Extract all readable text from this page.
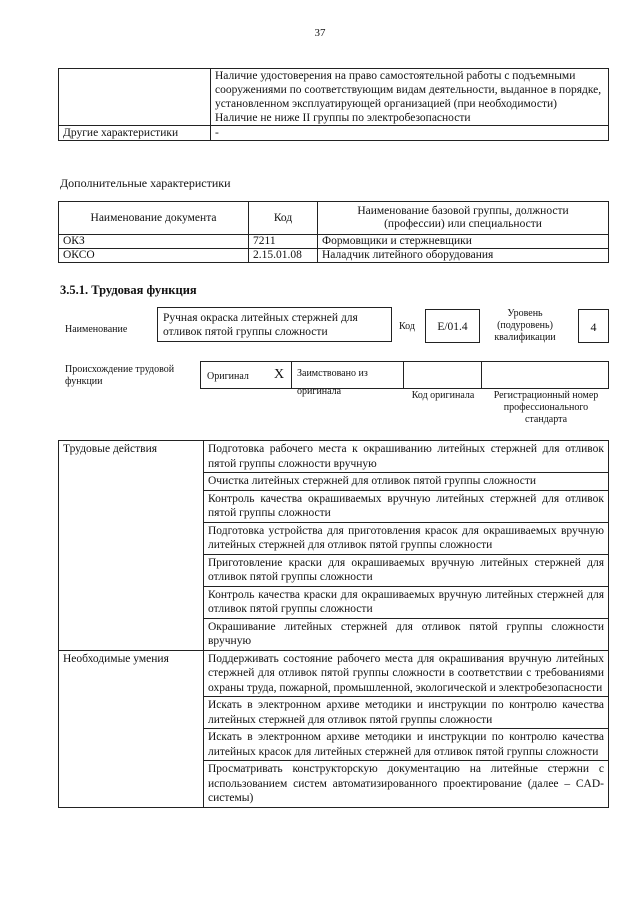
37
	Наличие удостоверения на право самостоятельной работы с подъемными сооружениями по соответствующим видам деятельности, выданное в порядке, установленном эксплуатирующей организацией (при необходимости)
Наличие не ниже II группы по электробезопасности
Другие характеристики	-
Дополнительные характеристики
Наименование документа	Код	Наименование базовой группы, должности (профессии) или специальности
ОКЗ	7211	Формовщики и стержневщики
ОКСО	2.15.01.08	Наладчик литейного оборудования
3.5.1. Трудовая функция
Наименование
Ручная окраска литейных стержней для отливок пятой группы сложности	Код	E/01.4
Уровень (подуровень) квалификации
4
Происхождение трудовой функции	Оригинал X	Заимствовано из оригинала	Код оригинала	Регистрационный номер профессионального стандарта
Трудовые действия	Подготовка рабочего места к окрашиванию литейных стержней для отливок пятой группы сложности вручную
	Очистка литейных стержней для отливок пятой группы сложности
	Контроль качества окрашиваемых вручную литейных стержней для отливок пятой группы сложности
	Подготовка устройства для приготовления красок для окрашиваемых вручную литейных стержней для отливок пятой группы сложности
	Приготовление краски для окрашиваемых вручную литейных стержней для отливок пятой группы сложности
	Контроль качества краски для окрашиваемых вручную литейных стержней для отливок пятой группы сложности
	Окрашивание литейных стержней для отливок пятой группы сложности вручную
Необходимые умения	Поддерживать состояние рабочего места для окрашивания вручную литейных стержней для отливок пятой группы сложности в соответствии с требованиями охраны труда, пожарной, промышленной, экологической и электробезопасности
	Искать в электронном архиве методики и инструкции по контролю качества литейных стержней для отливок пятой группы сложности
	Искать в электронном архиве методики и инструкции по контролю качества литейных красок для литейных стержней для отливок пятой группы сложности
	Просматривать конструкторскую документацию на литейные стержни с использованием систем автоматизированного проектирование (далее – CAD-системы)
